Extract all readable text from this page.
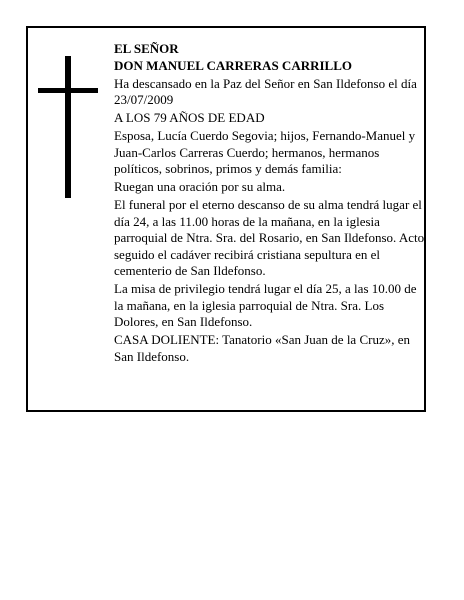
EL SEÑOR

DON MANUEL CARRERAS CARRILLO

Ha descansado en la Paz del Señor en San Ildefonso el día 23/07/2009

A LOS 79 AÑOS DE EDAD

Esposa, Lucía Cuerdo Segovia; hijos, Fernando-Manuel y Juan-Carlos Carreras Cuerdo; hermanos, hermanos políticos, sobrinos, primos y demás familia:

Ruegan una oración por su alma.

El funeral por el eterno descanso de su alma tendrá lugar el día 24, a las 11.00 horas de la mañana, en la iglesia parroquial de Ntra. Sra. del Rosario, en San Ildefonso. Acto seguido el cadáver recibirá cristiana sepultura en el cementerio de San Ildefonso.

La misa de privilegio tendrá lugar el día 25, a las 10.00 de la mañana, en la iglesia parroquial de Ntra. Sra. Los Dolores, en San Ildefonso.

CASA DOLIENTE: Tanatorio «San Juan de la Cruz», en San Ildefonso.
